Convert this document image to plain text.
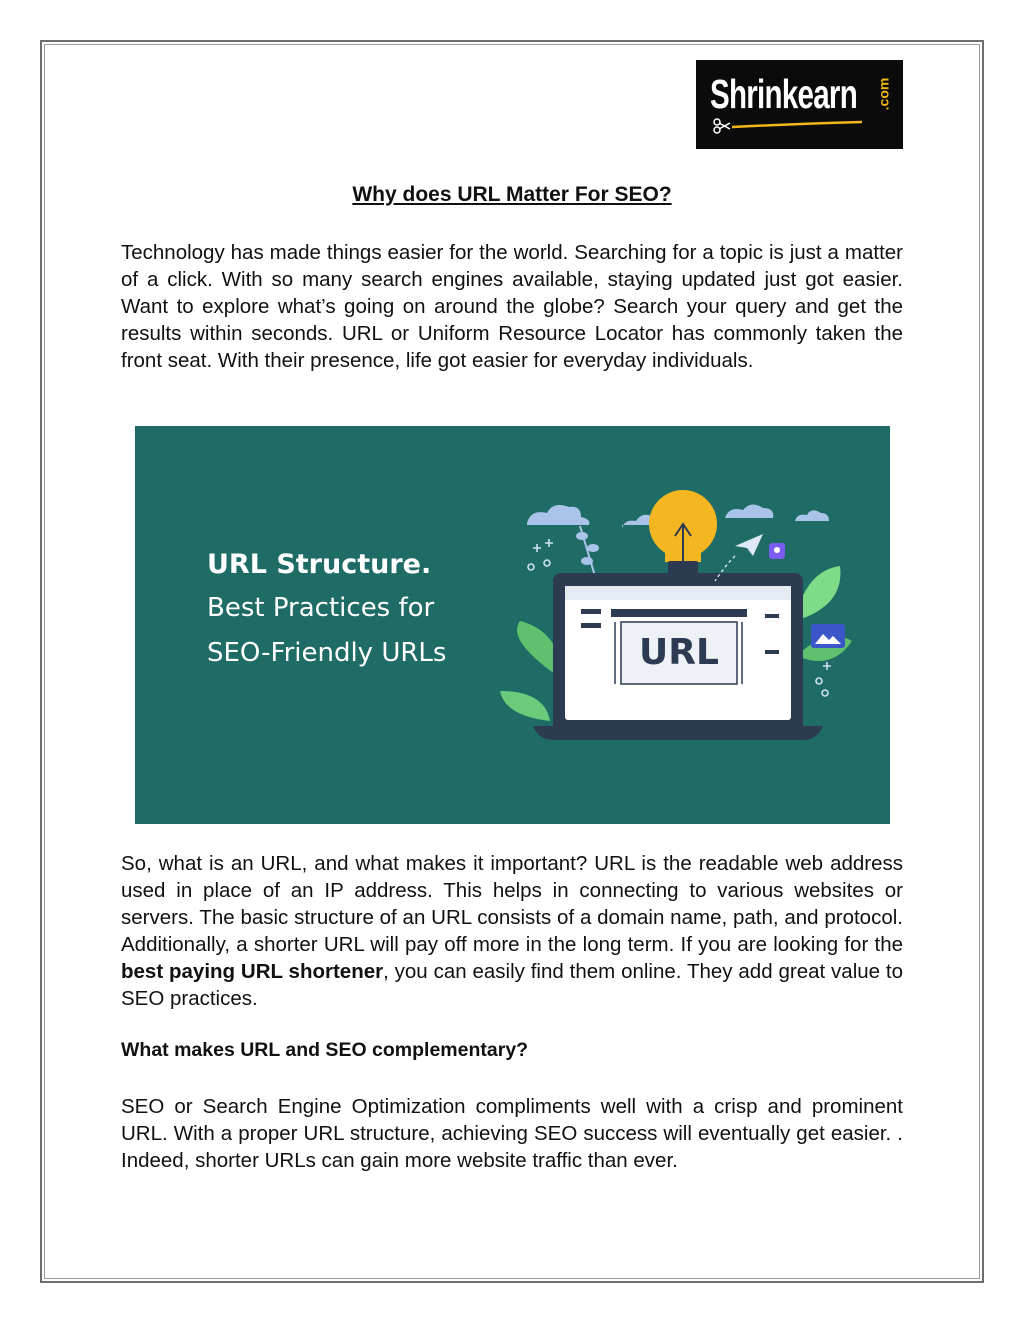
Shrinkearn .com
Why does URL Matter For SEO?

Technology has made things easier for the world. Searching for a topic is just a matter of a click. With so many search engines available, staying updated just got easier. Want to explore what’s going on around the globe? Search your query and get the results within seconds. URL or Uniform Resource Locator has commonly taken the front seat. With their presence, life got easier for everyday individuals.

URL Structure.
Best Practices for
SEO-Friendly URLs	URL

So, what is an URL, and what makes it important? URL is the readable web address used in place of an IP address. This helps in connecting to various websites or servers. The basic structure of an URL consists of a domain name, path, and protocol. Additionally, a shorter URL will pay off more in the long term. If you are looking for the best paying URL shortener, you can easily find them online. They add great value to SEO practices.

What makes URL and SEO complementary?

SEO or Search Engine Optimization compliments well with a crisp and prominent URL. With a proper URL structure, achieving SEO success will eventually get easier. . Indeed, shorter URLs can gain more website traffic than ever.
